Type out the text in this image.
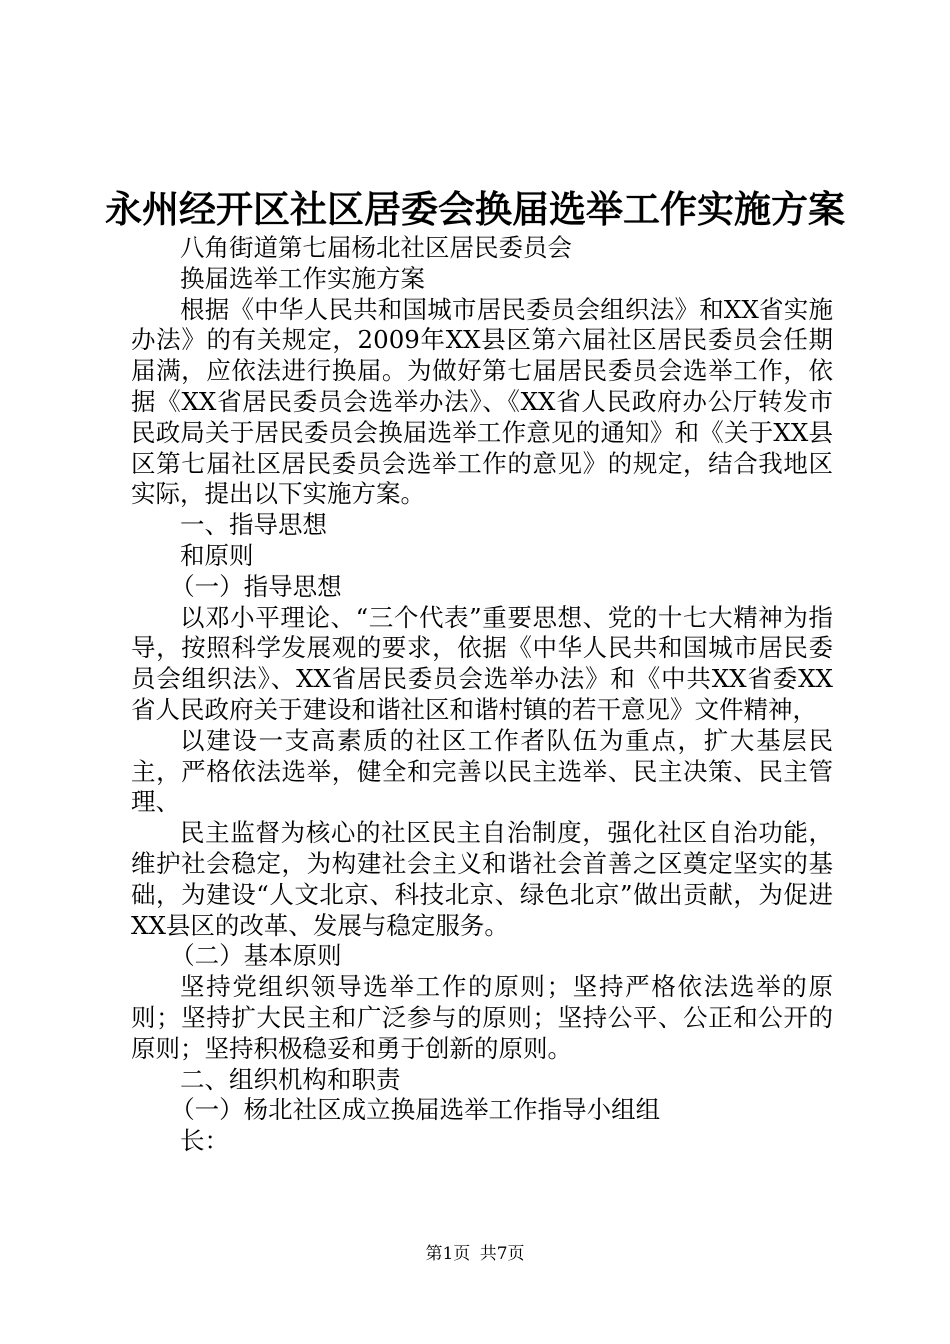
永州经开区社区居委会换届选举工作实施方案

八角街道第七届杨北社区居民委员会

换届选举工作实施方案

根据《中华人民共和国城市居民委员会组织法》和XX省实施办法》的有关规定，2009年XX县区第六届社区居民委员会任期届满，应依法进行换届。为做好第七届居民委员会选举工作，依据《XX省居民委员会选举办法》、《XX省人民政府办公厅转发市民政局关于居民委员会换届选举工作意见的通知》和《关于XX县区第七届社区居民委员会选举工作的意见》的规定，结合我地区实际，提出以下实施方案。

一、指导思想

和原则

（一）指导思想

以邓小平理论、“三个代表”重要思想、党的十七大精神为指导，按照科学发展观的要求，依据《中华人民共和国城市居民委员会组织法》、XX省居民委员会选举办法》和《中共XX省委XX省人民政府关于建设和谐社区和谐村镇的若干意见》文件精神，

以建设一支高素质的社区工作者队伍为重点，扩大基层民主，严格依法选举，健全和完善以民主选举、民主决策、民主管理、

民主监督为核心的社区民主自治制度，强化社区自治功能，维护社会稳定，为构建社会主义和谐社会首善之区奠定坚实的基础，为建设“人文北京、科技北京、绿色北京”做出贡献，为促进XX县区的改革、发展与稳定服务。

（二）基本原则

坚持党组织领导选举工作的原则；坚持严格依法选举的原则；坚持扩大民主和广泛参与的原则；坚持公平、公正和公开的原则；坚持积极稳妥和勇于创新的原则。

二、组织机构和职责

（一）杨北社区成立换届选举工作指导小组组

长：

第1页 共7页
